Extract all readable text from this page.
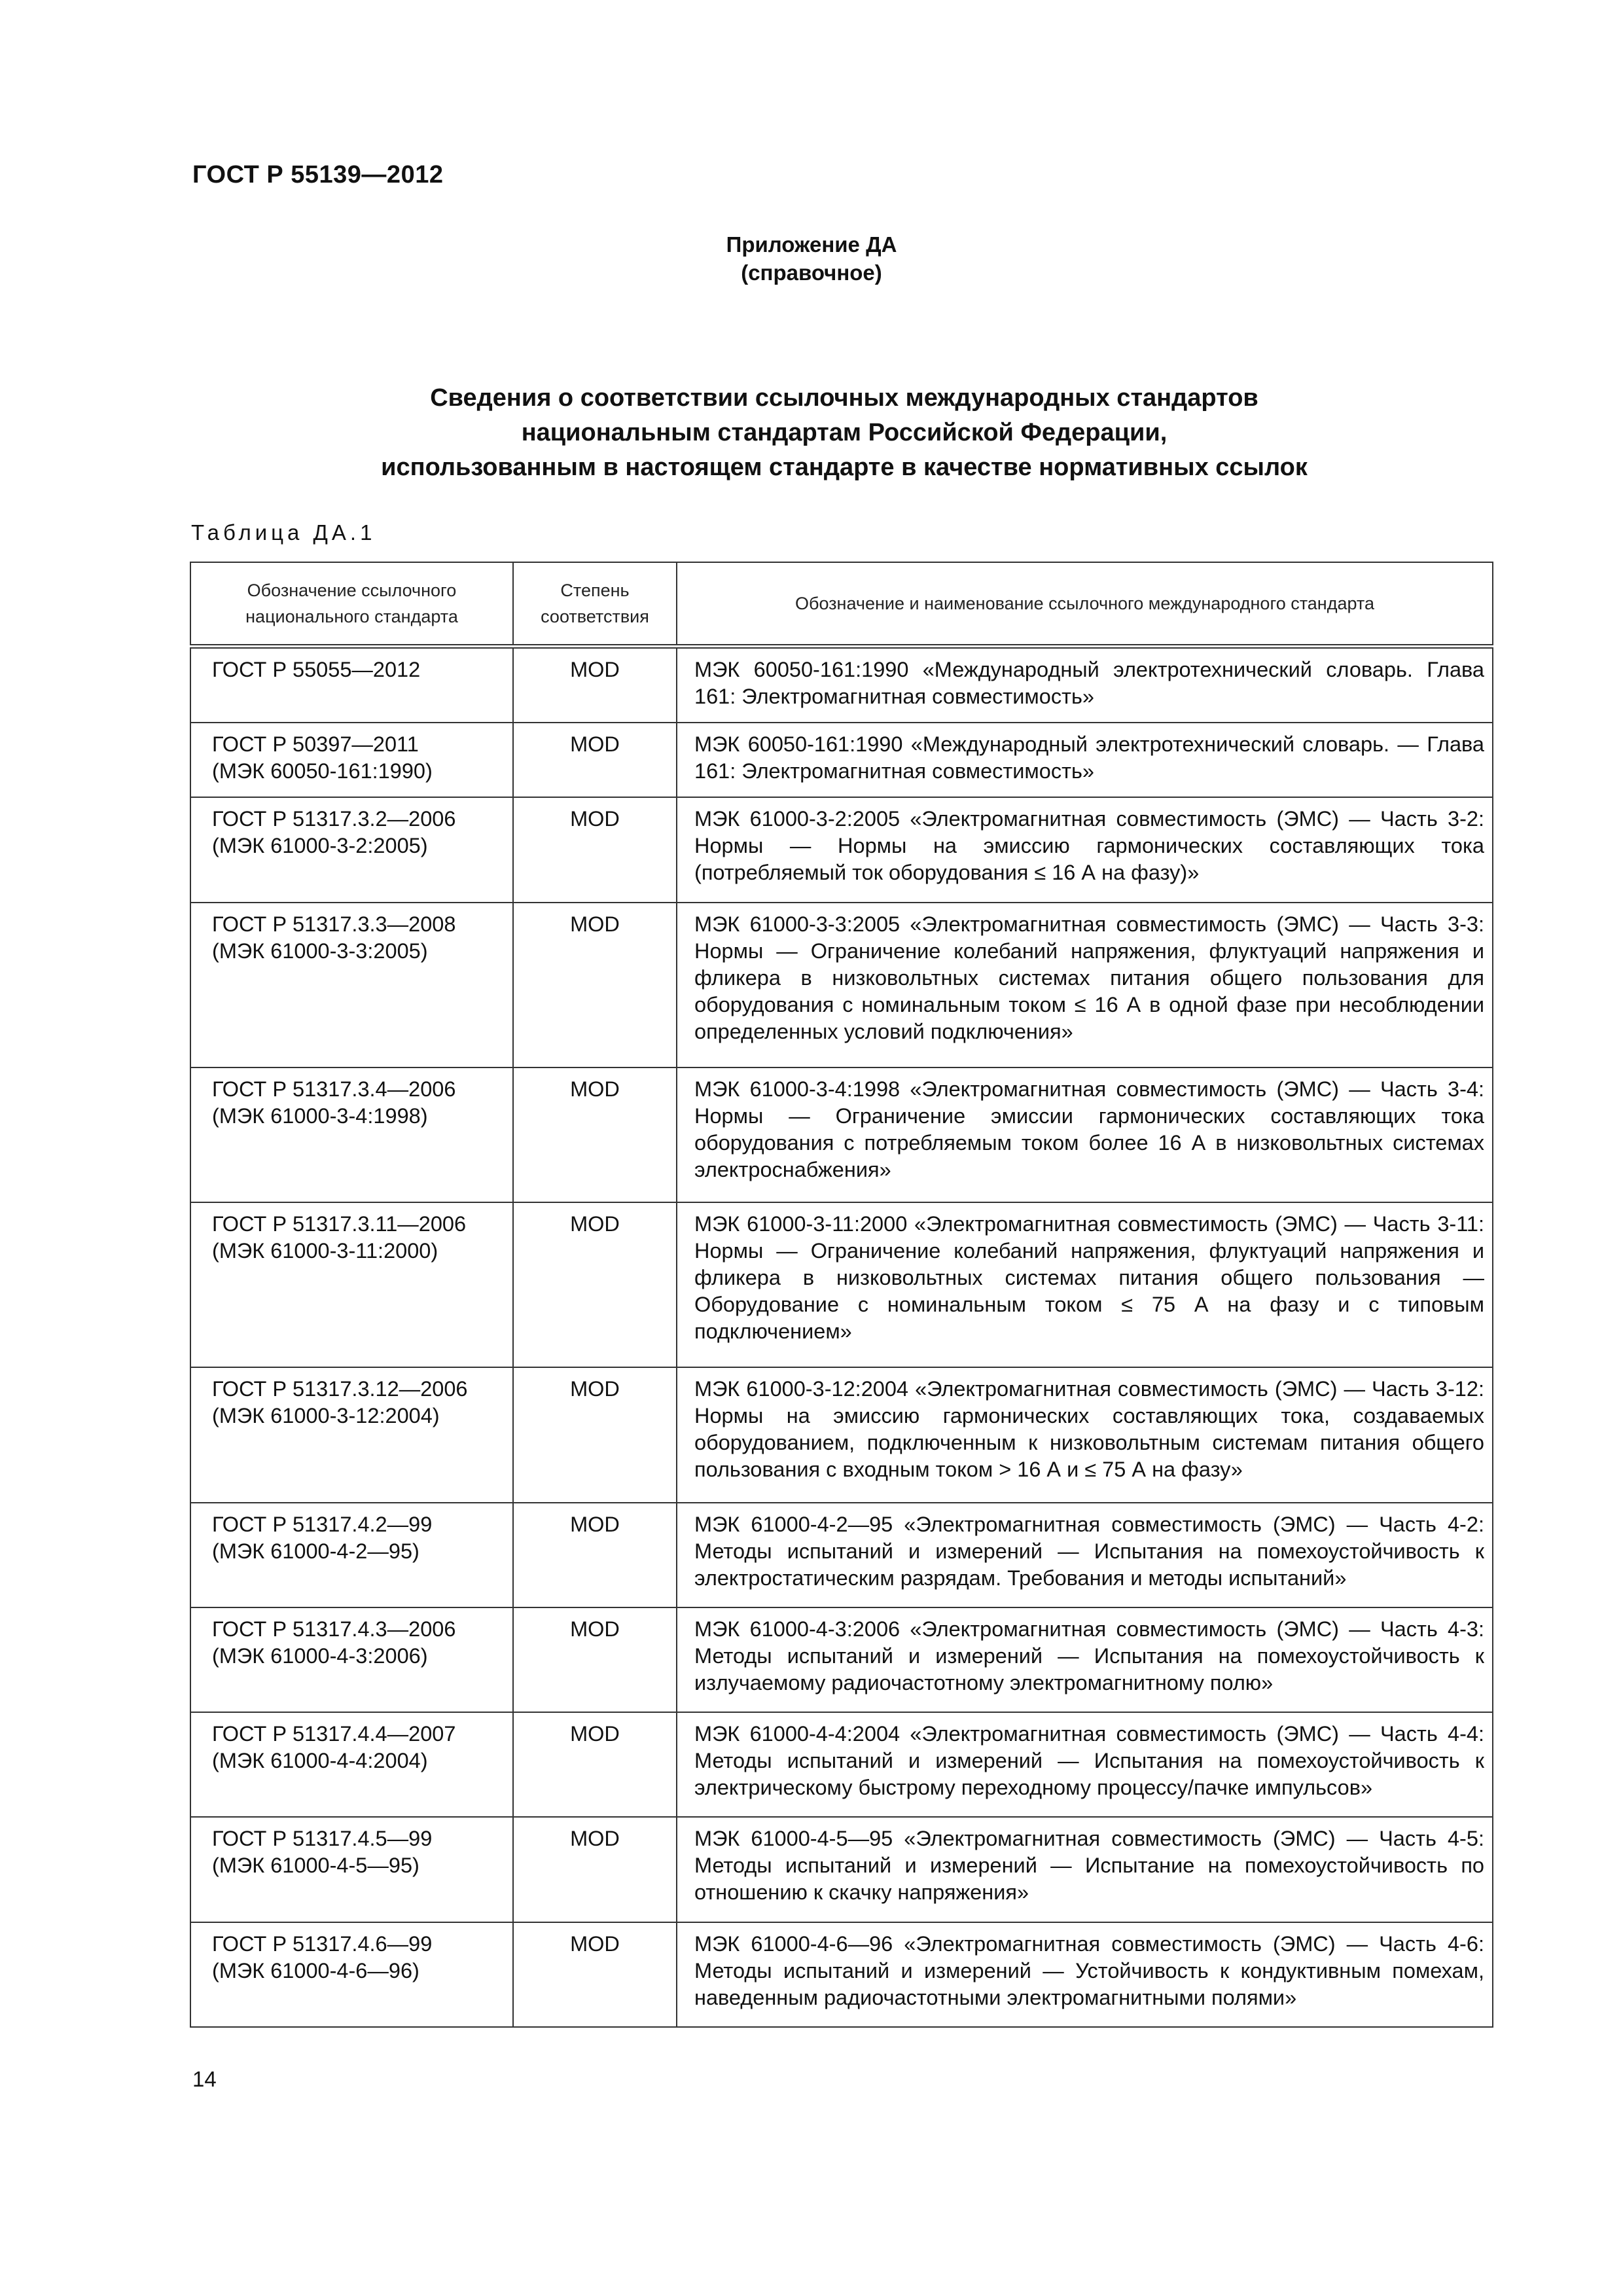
ГОСТ Р 55139—2012
Приложение ДА
(справочное)
Сведения о соответствии ссылочных международных стандартов
национальным стандартам Российской Федерации,
использованным в настоящем стандарте в качестве нормативных ссылок
Таблица ДА.1
Обозначение ссылочного национального стандарта	Степень соответствия	Обозначение и наименование ссылочного международного стандарта

ГОСТ Р 55055—2012	MOD	МЭК 60050-161:1990 «Международный электротехнический словарь. Глава 161: Электромагнитная совместимость»

ГОСТ Р 50397—2011
(МЭК 60050-161:1990)	MOD	МЭК 60050-161:1990 «Международный электротехнический словарь. — Глава 161: Электромагнитная совместимость»

ГОСТ Р 51317.3.2—2006
(МЭК 61000-3-2:2005)	MOD	МЭК 61000-3-2:2005 «Электромагнитная совместимость (ЭМС) — Часть 3-2: Нормы — Нормы на эмиссию гармонических составляющих тока (потребляемый ток оборудования ≤ 16 А на фазу)»

ГОСТ Р 51317.3.3—2008
(МЭК 61000-3-3:2005)	MOD	МЭК 61000-3-3:2005 «Электромагнитная совместимость (ЭМС) — Часть 3-3: Нормы — Ограничение колебаний напряжения, флуктуаций напряжения и фликера в низковольтных системах питания общего пользования для оборудования с номинальным током ≤ 16 А в одной фазе при несоблюдении определенных условий подключения»

ГОСТ Р 51317.3.4—2006
(МЭК 61000-3-4:1998)	MOD	МЭК 61000-3-4:1998 «Электромагнитная совместимость (ЭМС) — Часть 3-4: Нормы — Ограничение эмиссии гармонических составляющих тока оборудования с потребляемым током более 16 А в низковольтных системах электроснабжения»

ГОСТ Р 51317.3.11—2006
(МЭК 61000-3-11:2000)	MOD	МЭК 61000-3-11:2000 «Электромагнитная совместимость (ЭМС) — Часть 3-11: Нормы — Ограничение колебаний напряжения, флуктуаций напряжения и фликера в низковольтных системах питания общего пользования — Оборудование с номинальным током ≤ 75 А на фазу и с типовым подключением»

ГОСТ Р 51317.3.12—2006
(МЭК 61000-3-12:2004)	MOD	МЭК 61000-3-12:2004 «Электромагнитная совместимость (ЭМС) — Часть 3-12: Нормы на эмиссию гармонических составляющих тока, создаваемых оборудованием, подключенным к низковольтным системам питания общего пользования с входным током > 16 А и ≤ 75 А на фазу»

ГОСТ Р 51317.4.2—99
(МЭК 61000-4-2—95)	MOD	МЭК 61000-4-2—95 «Электромагнитная совместимость (ЭМС) — Часть 4-2: Методы испытаний и измерений — Испытания на помехоустойчивость к электростатическим разрядам. Требования и методы испытаний»

ГОСТ Р 51317.4.3—2006
(МЭК 61000-4-3:2006)	MOD	МЭК 61000-4-3:2006 «Электромагнитная совместимость (ЭМС) — Часть 4-3: Методы испытаний и измерений — Испытания на помехоустойчивость к излучаемому радиочастотному электромагнитному полю»

ГОСТ Р 51317.4.4—2007
(МЭК 61000-4-4:2004)	MOD	МЭК 61000-4-4:2004 «Электромагнитная совместимость (ЭМС) — Часть 4-4: Методы испытаний и измерений — Испытания на помехоустойчивость к электрическому быстрому переходному процессу/пачке импульсов»

ГОСТ Р 51317.4.5—99
(МЭК 61000-4-5—95)	MOD	МЭК 61000-4-5—95 «Электромагнитная совместимость (ЭМС) — Часть 4-5: Методы испытаний и измерений — Испытание на помехоустойчивость по отношению к скачку напряжения»

ГОСТ Р 51317.4.6—99
(МЭК 61000-4-6—96)	MOD	МЭК 61000-4-6—96 «Электромагнитная совместимость (ЭМС) — Часть 4-6: Методы испытаний и измерений — Устойчивость к кондуктивным помехам, наведенным радиочастотными электромагнитными полями»
14
